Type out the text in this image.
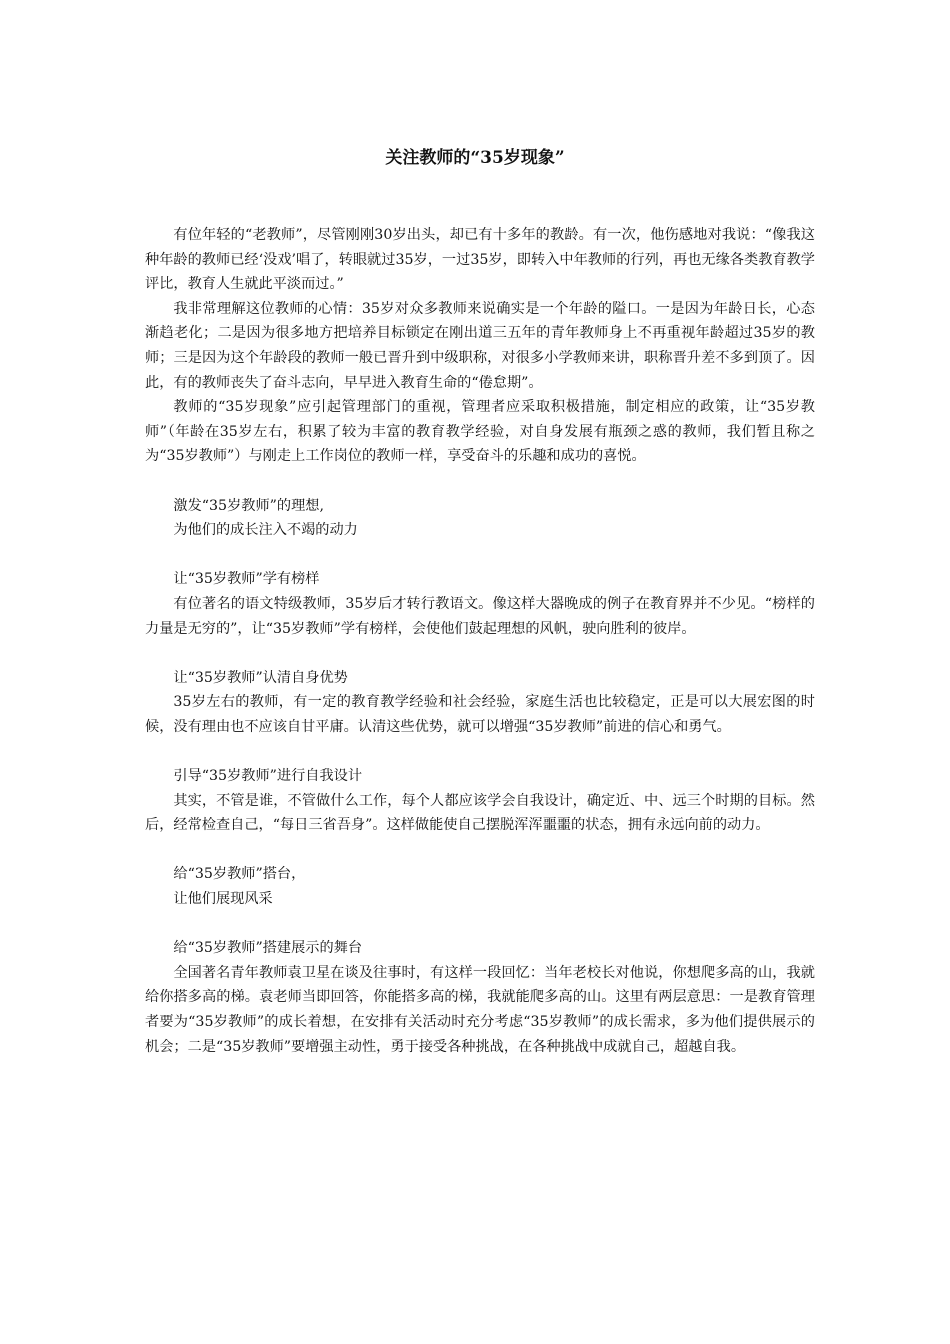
关注教师的“35岁现象”

有位年轻的“老教师”，尽管刚刚30岁出头，却已有十多年的教龄。有一次，他伤感地对我说：“像我这种年龄的教师已经‘没戏’唱了，转眼就过35岁，一过35岁，即转入中年教师的行列，再也无缘各类教育教学评比，教育人生就此平淡而过。”

我非常理解这位教师的心情：35岁对众多教师来说确实是一个年龄的隘口。一是因为年龄日长，心态渐趋老化；二是因为很多地方把培养目标锁定在刚出道三五年的青年教师身上不再重视年龄超过35岁的教师；三是因为这个年龄段的教师一般已晋升到中级职称，对很多小学教师来讲，职称晋升差不多到顶了。因此，有的教师丧失了奋斗志向，早早进入教育生命的“倦怠期”。

教师的“35岁现象”应引起管理部门的重视，管理者应采取积极措施，制定相应的政策，让“35岁教师”（年龄在35岁左右，积累了较为丰富的教育教学经验，对自身发展有瓶颈之惑的教师，我们暂且称之为“35岁教师”）与刚走上工作岗位的教师一样，享受奋斗的乐趣和成功的喜悦。

激发“35岁教师”的理想,

为他们的成长注入不竭的动力

让“35岁教师”学有榜样

有位著名的语文特级教师，35岁后才转行教语文。像这样大器晚成的例子在教育界并不少见。“榜样的力量是无穷的”，让“35岁教师”学有榜样，会使他们鼓起理想的风帆，驶向胜利的彼岸。

让“35岁教师”认清自身优势

35岁左右的教师，有一定的教育教学经验和社会经验，家庭生活也比较稳定，正是可以大展宏图的时候，没有理由也不应该自甘平庸。认清这些优势，就可以增强“35岁教师”前进的信心和勇气。

引导“35岁教师”进行自我设计

其实，不管是谁，不管做什么工作，每个人都应该学会自我设计，确定近、中、远三个时期的目标。然后，经常检查自己，“每日三省吾身”。这样做能使自己摆脱浑浑噩噩的状态，拥有永远向前的动力。

给“35岁教师”搭台，

让他们展现风采

给“35岁教师”搭建展示的舞台

全国著名青年教师袁卫星在谈及往事时，有这样一段回忆：当年老校长对他说，你想爬多高的山，我就给你搭多高的梯。袁老师当即回答，你能搭多高的梯，我就能爬多高的山。这里有两层意思：一是教育管理者要为“35岁教师”的成长着想，在安排有关活动时充分考虑“35岁教师”的成长需求，多为他们提供展示的机会；二是“35岁教师”要增强主动性，勇于接受各种挑战，在各种挑战中成就自己，超越自我。
